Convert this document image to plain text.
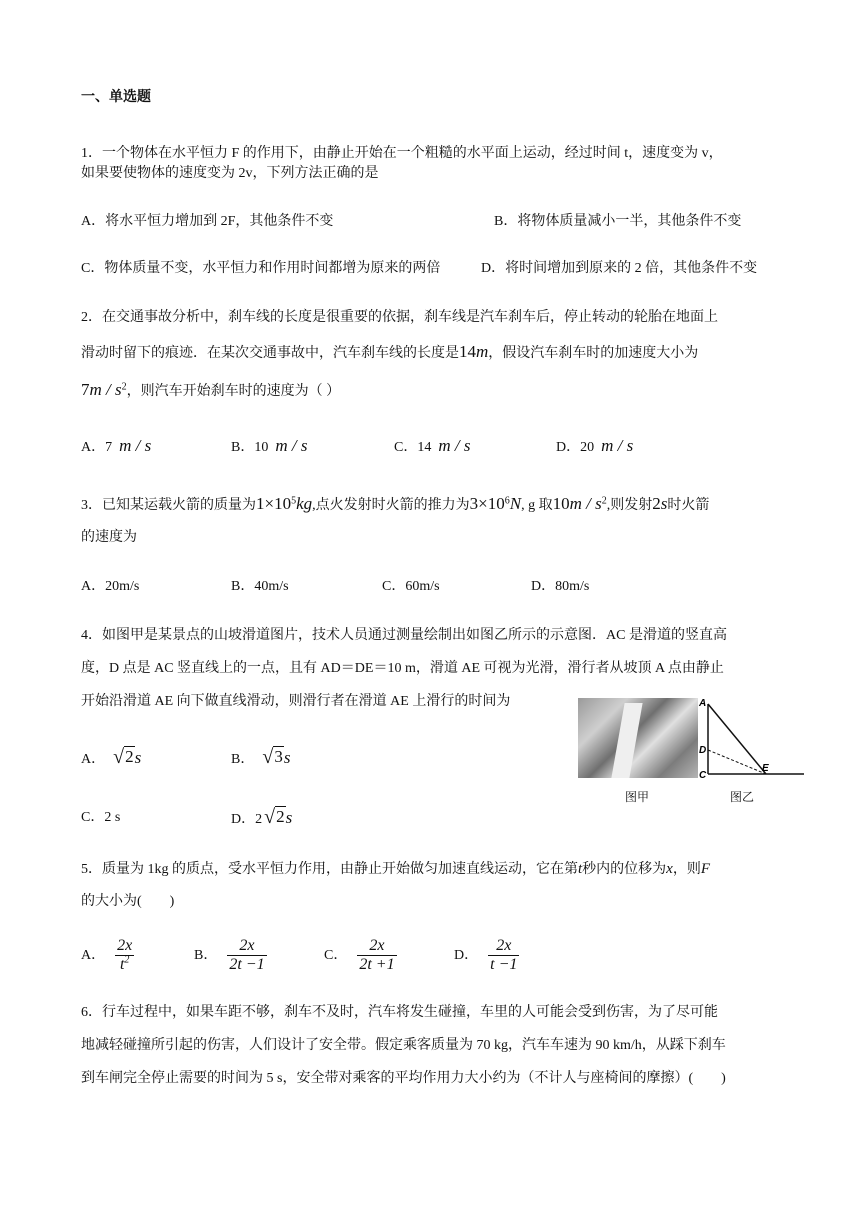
一、单选题
1．一个物体在水平恒力 F 的作用下，由静止开始在一个粗糙的水平面上运动，经过时间 t，速度变为 v，
如果要使物体的速度变为 2v，下列方法正确的是
A．将水平恒力增加到 2F，其他条件不变	B．将物体质量减小一半，其他条件不变
C．物体质量不变，水平恒力和作用时间都增为原来的两倍	D．将时间增加到原来的 2 倍，其他条件不变
2．在交通事故分析中，刹车线的长度是很重要的依据，刹车线是汽车刹车后，停止转动的轮胎在地面上
滑动时留下的痕迹．在某次交通事故中，汽车刹车线的长度是14m，假设汽车刹车时的加速度大小为
$7m / s^2$，则汽车开始刹车时的速度为（ ）
A．7 m / s	B．10 m / s	C．14 m / s	D．20 m / s
3．已知某运载火箭的质量为$1\times 10^5kg$,点火发射时火箭的推力为$3\times 10^6N$, g 取$10m / s^2$,则发射2s时火箭
的速度为
A．20m/s	B．40m/s	C．60m/s	D．80m/s
4．如图甲是某景点的山坡滑道图片，技术人员通过测量绘制出如图乙所示的示意图．AC 是滑道的竖直高
度，D 点是 AC 竖直线上的一点，且有 AD＝DE＝10 m，滑道 AE 可视为光滑，滑行者从坡顶 A 点由静止
开始沿滑道 AE 向下做直线滑动，则滑行者在滑道 AE 上滑行的时间为
A． √ 2 s	B． √ 3 s
C．2 s	D．2 √ 2 s
图甲
A
D
C
E
图乙
5．质量为 1kg 的质点，受水平恒力作用，由静止开始做匀加速直线运动，它在第t秒内的位移为x，则F
的大小为(　　)
A． $\frac{2x}{t^2}$	B． $\frac{2x}{2t -1}$	C． $\frac{2x}{2t +1}$	D． $\frac{2x}{t -1}$
6．行车过程中，如果车距不够，刹车不及时，汽车将发生碰撞，车里的人可能会受到伤害，为了尽可能
地减轻碰撞所引起的伤害，人们设计了安全带。假定乘客质量为 70 kg，汽车车速为 90 km/h，从踩下刹车
到车闸完全停止需要的时间为 5 s，安全带对乘客的平均作用力大小约为（不计人与座椅间的摩擦）(　　)
